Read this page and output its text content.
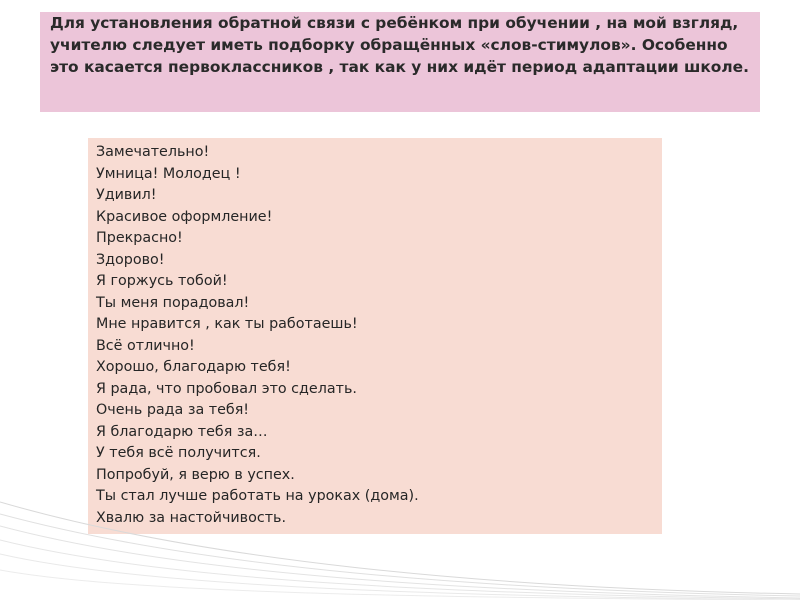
Для установления обратной связи с ребёнком при обучении , на мой взгляд, учителю следует иметь подборку обращённых «слов-стимулов». Особенно это касается первоклассников , так как у них идёт период адаптации школе.

Замечательно!
Умница! Молодец !
Удивил!
Красивое оформление!
Прекрасно!
Здорово!
Я горжусь тобой!
Ты меня порадовал!
Мне нравится , как ты работаешь!
Всё отлично!
Хорошо, благодарю тебя!
Я рада, что пробовал это сделать.
Очень рада за тебя!
Я благодарю тебя за…
У тебя всё получится.
Попробуй, я верю в успех.
Ты стал лучше работать на уроках (дома).
Хвалю за настойчивость.
